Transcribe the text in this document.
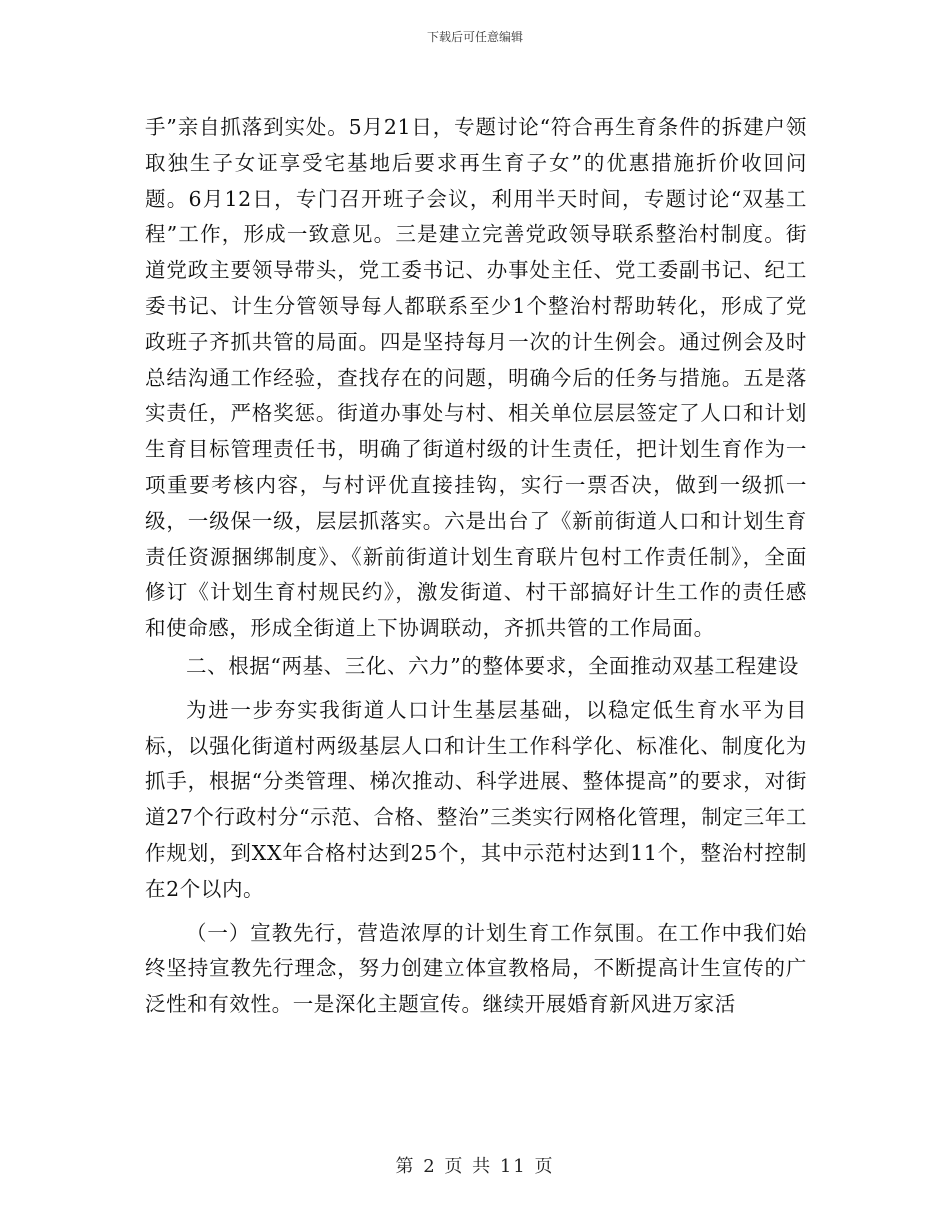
下载后可任意编辑

手”亲自抓落到实处。5月21日，专题讨论“符合再生育条件的拆建户领取独生子女证享受宅基地后要求再生育子女”的优惠措施折价收回问题。6月12日，专门召开班子会议，利用半天时间，专题讨论“双基工程”工作，形成一致意见。三是建立完善党政领导联系整治村制度。街道党政主要领导带头，党工委书记、办事处主任、党工委副书记、纪工委书记、计生分管领导每人都联系至少1个整治村帮助转化，形成了党政班子齐抓共管的局面。四是坚持每月一次的计生例会。通过例会及时总结沟通工作经验，查找存在的问题，明确今后的任务与措施。五是落实责任，严格奖惩。街道办事处与村、相关单位层层签定了人口和计划生育目标管理责任书，明确了街道村级的计生责任，把计划生育作为一项重要考核内容，与村评优直接挂钩，实行一票否决，做到一级抓一级，一级保一级，层层抓落实。六是出台了《新前街道人口和计划生育责任资源捆绑制度》、《新前街道计划生育联片包村工作责任制》，全面修订《计划生育村规民约》，激发街道、村干部搞好计生工作的责任感和使命感，形成全街道上下协调联动，齐抓共管的工作局面。

二、根据“两基、三化、六力”的整体要求，全面推动双基工程建设

为进一步夯实我街道人口计生基层基础，以稳定低生育水平为目标，以强化街道村两级基层人口和计生工作科学化、标准化、制度化为抓手，根据“分类管理、梯次推动、科学进展、整体提高”的要求，对街道27个行政村分“示范、合格、整治”三类实行网格化管理，制定三年工作规划，到XX年合格村达到25个，其中示范村达到11个，整治村控制在2个以内。

（一）宣教先行，营造浓厚的计划生育工作氛围。在工作中我们始终坚持宣教先行理念，努力创建立体宣教格局，不断提高计生宣传的广泛性和有效性。一是深化主题宣传。继续开展婚育新风进万家活

第 2 页 共 11 页
